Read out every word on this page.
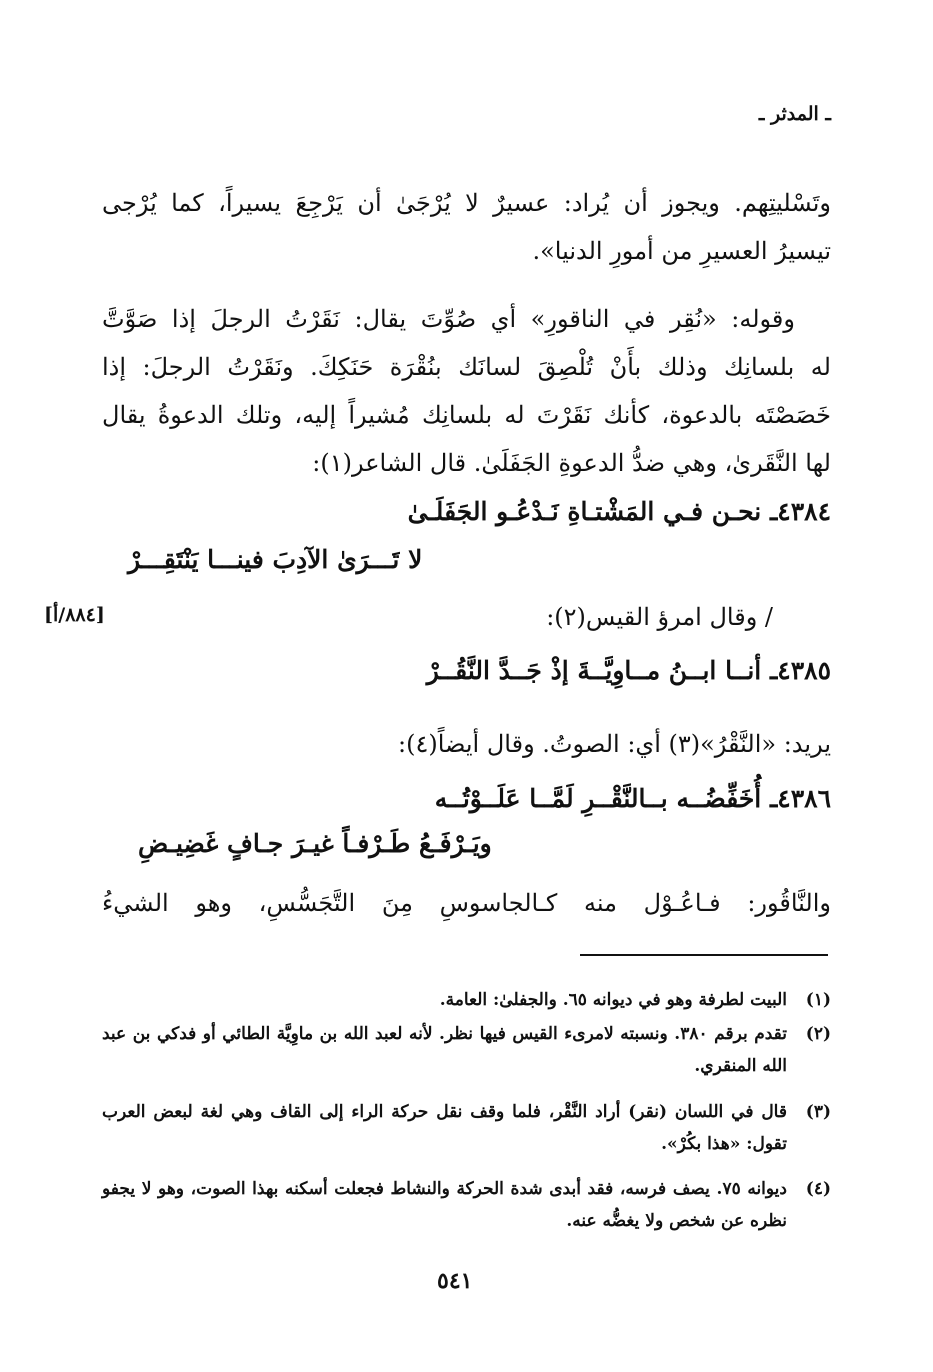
ـ المدثر ـ
وتَسْليتِهم. ويجوز أن يُراد: عسيرٌ لا يُرْجَىٰ أن يَرْجِعَ يسيراً، كما يُرْجى
تيسيرُ العسيرِ من أمورِ الدنيا».
وقوله: «نُقِر في الناقورِ» أي صُوِّتَ يقال: نَقَرْتُ الرجلَ إذا صَوَّتَّ
له بلسانِك وذلك بأَنْ تُلْصِقَ لسانَك بنُقْرَة حَنَكِكَ. ونَقَرْتُ الرجلَ: إذا
خَصَصْتَه بالدعوة، كأنك نَقَرْتَ له بلسانِك مُشيراً إليه، وتلك الدعوةُ يقال
لها النَّقَرىٰ، وهي ضدُّ الدعوةِ الجَفَلَىٰ. قال الشاعر(١):
٤٣٨٤ـ نحـن فـي المَشْتـاةِ نَـدْعُـو الجَفَلَـىٰ
لا تَـــرَىٰ الآدِبَ فينـــا يَنْتَقِـــرْ
[٨٨٤/أ]	/ وقال امرؤ القيس(٢):
٤٣٨٥ـ أنــا ابــنُ مــاوِيَّــةَ إذْ جَــدَّ النَّقُــرْ
يريد: «النَّقْرُ»(٣) أي: الصوتُ. وقال أيضاً(٤):
٤٣٨٦ـ أُخَفِّضُــه بــالنَّقْــرِ لَمَّــا عَلَــوْتُــه
ويَـرْفَـعُ طَـرْفـاً غيـرَ جـافٍ غَضِيـضِ
والنَّاقُور: فـاعُـوْل منه كـالجاسوسِ مِنَ التَّجَسُّسِ، وهو الشيءُ
(١)
البيت لطرفة وهو في ديوانه ٦٥. والجفلىٰ: العامة.
(٢)
تقدم برقم ٣٨٠. ونسبته لامرىء القيس فيها نظر. لأنه لعبد الله بن ماوِيَّة الطائي أو فدكي بن عبد الله المنقري.
(٣)
قال في اللسان (نقر) أراد النَّقْر، فلما وقف نقل حركة الراء إلى القاف وهي لغة لبعض العرب تقول: «هذا بكُرْ».
(٤)
ديوانه ٧٥. يصف فرسه، فقد أبدى شدة الحركة والنشاط فجعلت أسكنه بهذا الصوت، وهو لا يجفو نظره عن شخص ولا يغضُّه عنه.
٥٤١
